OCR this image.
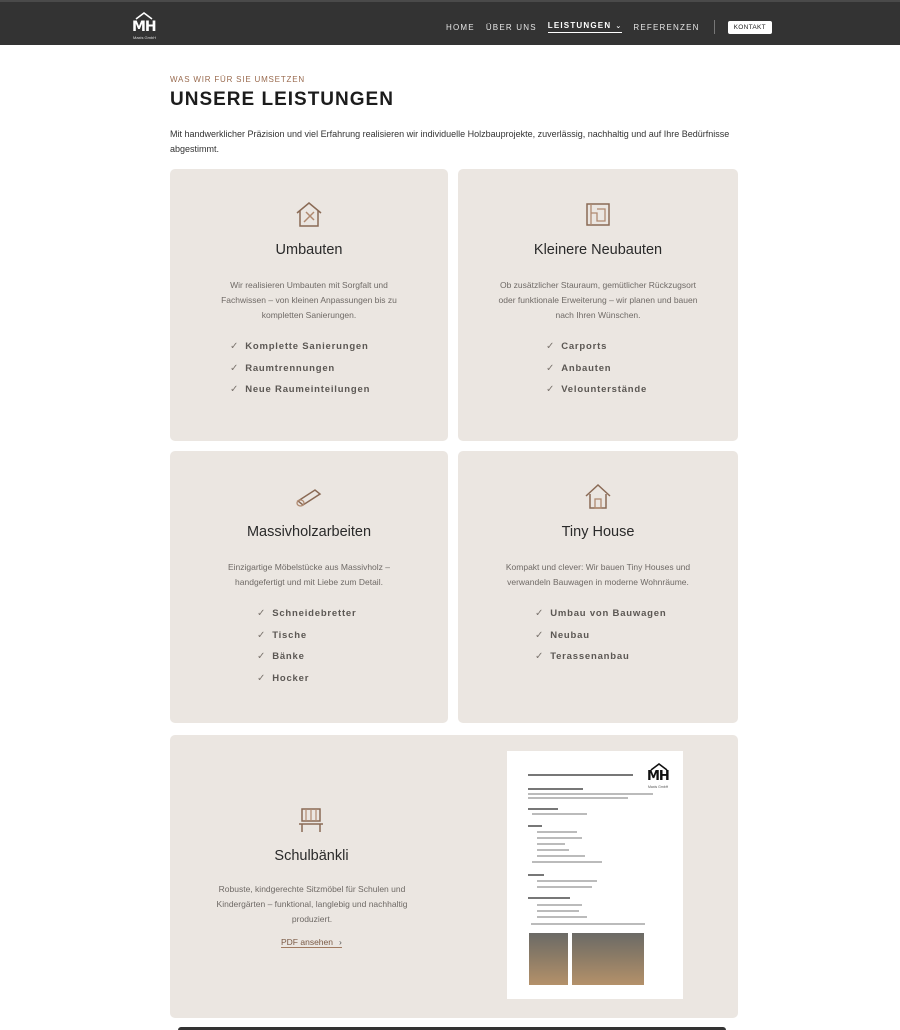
MH
Maxis GmbH
HOME ÜBER UNS LEISTUNGEN ⌄ REFERENZEN	KONTAKT
WAS WIR FÜR SIE UMSETZEN
UNSERE LEISTUNGEN

Mit handwerklicher Präzision und viel Erfahrung realisieren wir individuelle Holzbauprojekte, zuverlässig, nachhaltig und auf Ihre Bedürfnisse abgestimmt.

Umbauten

Wir realisieren Umbauten mit Sorgfalt und Fachwissen – von kleinen Anpassungen bis zu kompletten Sanierungen.

✓ Komplette Sanierungen
✓ Raumtrennungen
✓ Neue Raumeinteilungen
Kleinere Neubauten

Ob zusätzlicher Stauraum, gemütlicher Rückzugsort oder funktionale Erweiterung – wir planen und bauen nach Ihren Wünschen.

✓ Carports
✓ Anbauten
✓ Velounterstände
Massivholzarbeiten

Einzigartige Möbelstücke aus Massivholz – handgefertigt und mit Liebe zum Detail.

✓ Schneidebretter
✓ Tische
✓ Bänke
✓ Hocker
Tiny House

Kompakt und clever: Wir bauen Tiny Houses und verwandeln Bauwagen in moderne Wohnräume.

✓ Umbau von Bauwagen
✓ Neubau
✓ Terassenanbau
Schulbänkli

Robuste, kindgerechte Sitzmöbel für Schulen und Kindergärten – funktional, langlebig und nachhaltig produziert.

PDF ansehen ›
MH
Maxis GmbH
